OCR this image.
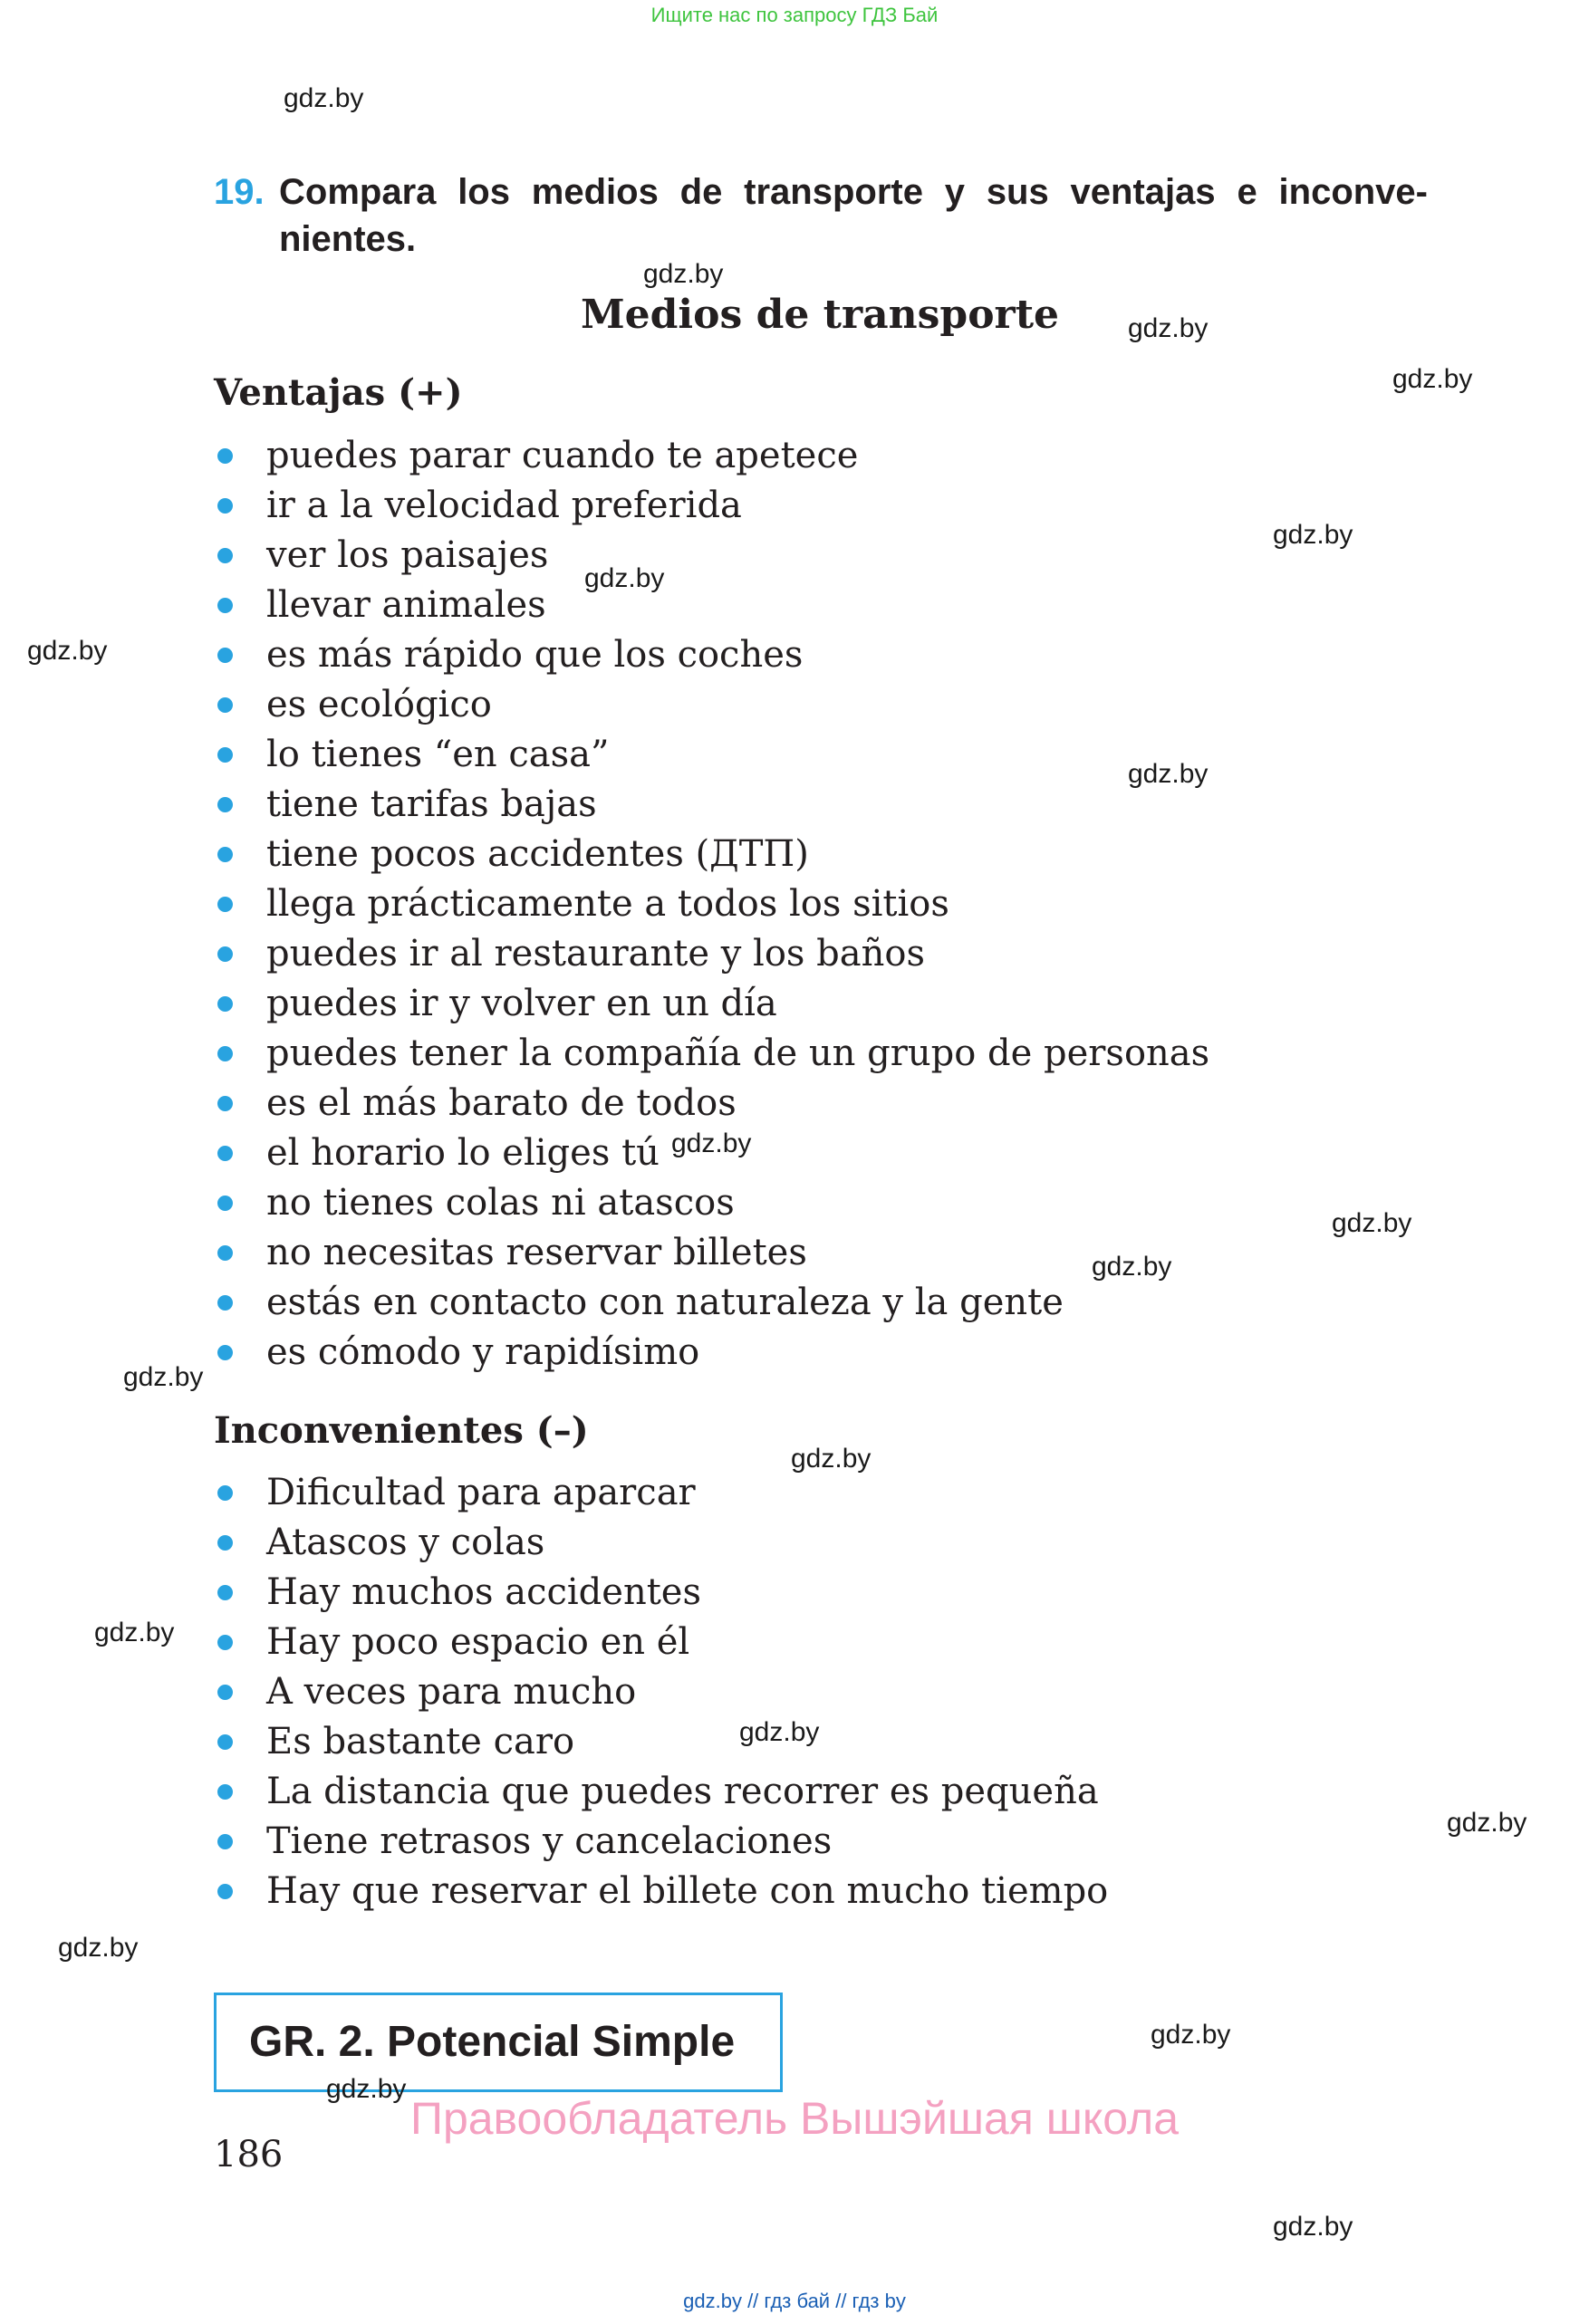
Ищите нас по запросу ГДЗ Бай
gdz.by
gdz.by
gdz.by
gdz.by
gdz.by
gdz.by
gdz.by
gdz.by
gdz.by
gdz.by
gdz.by
gdz.by
gdz.by
gdz.by
gdz.by
gdz.by
gdz.by
gdz.by
gdz.by
19. Compara los medios de transporte y sus ventajas e inconve-nientes.
Medios de transporte
Ventajas (+)
puedes parar cuando te apetece
ir a la velocidad preferida
ver los paisajes
llevar animales
es más rápido que los coches
es ecológico
lo tienes “en casa”
tiene tarifas bajas
tiene pocos accidentes (ДТП)
llega prácticamente a todos los sitios
puedes ir al restaurante y los baños
puedes ir y volver en un día
puedes tener la compañía de un grupo de personas
es el más barato de todos
el horario lo eliges tú
no tienes colas ni atascos
no necesitas reservar billetes
estás en contacto con naturaleza y la gente
es cómodo y rapidísimo
Inconvenientes (–)
Dificultad para aparcar
Atascos y colas
Hay muchos accidentes
Hay poco espacio en él
A veces para mucho
Es bastante caro
La distancia que puedes recorrer es pequeña
Tiene retrasos y cancelaciones
Hay que reservar el billete con mucho tiempo
GR. 2. Potencial Simple
gdz.by
Правообладатель Вышэйшая школа
186
gdz.by // гдз бай // гдз by
